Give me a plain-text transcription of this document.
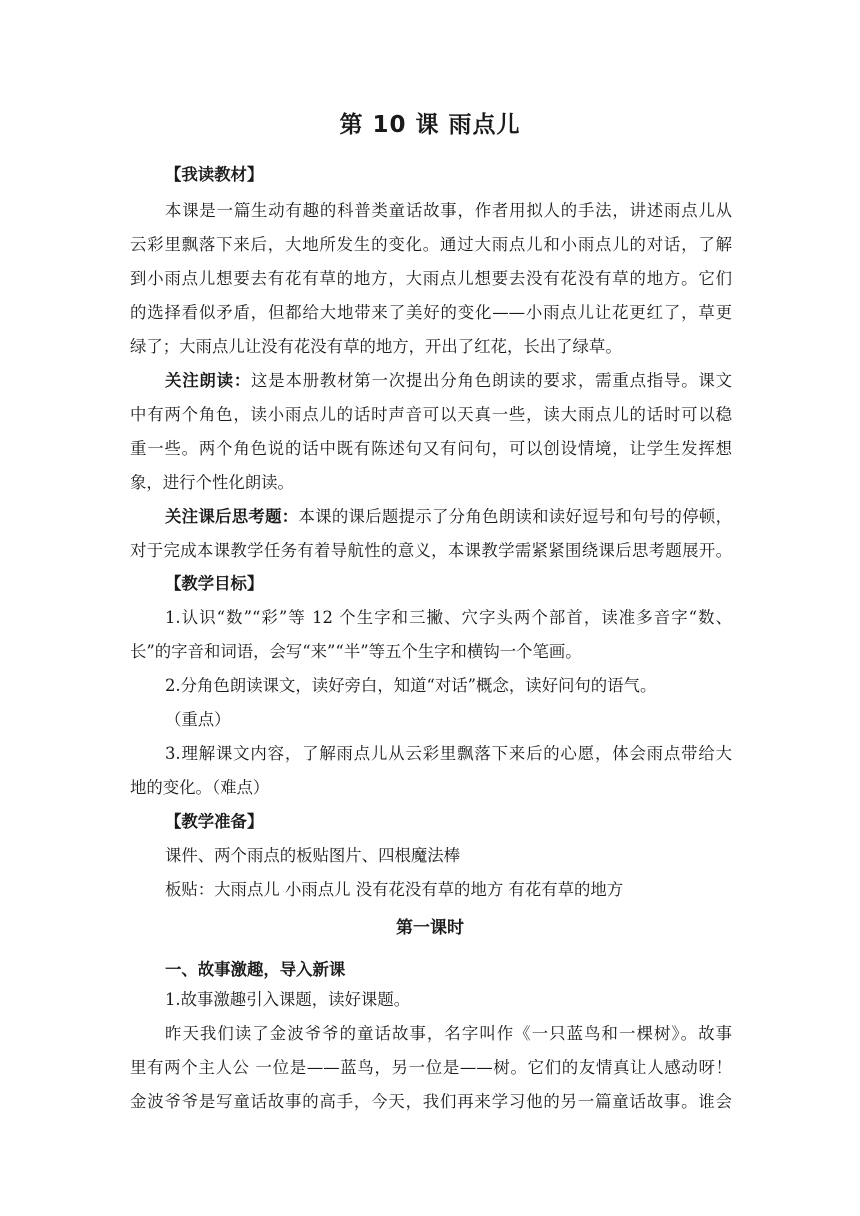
第 10 课 雨点儿
【我读教材】
本课是一篇生动有趣的科普类童话故事，作者用拟人的手法，讲述雨点儿从
云彩里飘落下来后，大地所发生的变化。通过大雨点儿和小雨点儿的对话，了解
到小雨点儿想要去有花有草的地方，大雨点儿想要去没有花没有草的地方。它们
的选择看似矛盾，但都给大地带来了美好的变化——小雨点儿让花更红了，草更
绿了；大雨点儿让没有花没有草的地方，开出了红花，长出了绿草。
关注朗读：这是本册教材第一次提出分角色朗读的要求，需重点指导。课文
中有两个角色，读小雨点儿的话时声音可以天真一些，读大雨点儿的话时可以稳
重一些。两个角色说的话中既有陈述句又有问句，可以创设情境，让学生发挥想
象，进行个性化朗读。
关注课后思考题：本课的课后题提示了分角色朗读和读好逗号和句号的停顿，
对于完成本课教学任务有着导航性的意义，本课教学需紧紧围绕课后思考题展开。
【教学目标】
1.认识“数”“彩”等 12 个生字和三撇、穴字头两个部首，读准多音字“数、
长”的字音和词语，会写“来”“半”等五个生字和横钩一个笔画。
2.分角色朗读课文，读好旁白，知道“对话”概念，读好问句的语气。
（重点）
3.理解课文内容，了解雨点儿从云彩里飘落下来后的心愿，体会雨点带给大
地的变化。（难点）
【教学准备】
课件、两个雨点的板贴图片、四根魔法棒
板贴：大雨点儿 小雨点儿 没有花没有草的地方 有花有草的地方
第一课时
一、故事激趣，导入新课
1.故事激趣引入课题，读好课题。
昨天我们读了金波爷爷的童话故事，名字叫作《一只蓝鸟和一棵树》。故事
里有两个主人公 一位是——蓝鸟，另一位是——树。它们的友情真让人感动呀！
金波爷爷是写童话故事的高手，今天，我们再来学习他的另一篇童话故事。谁会
